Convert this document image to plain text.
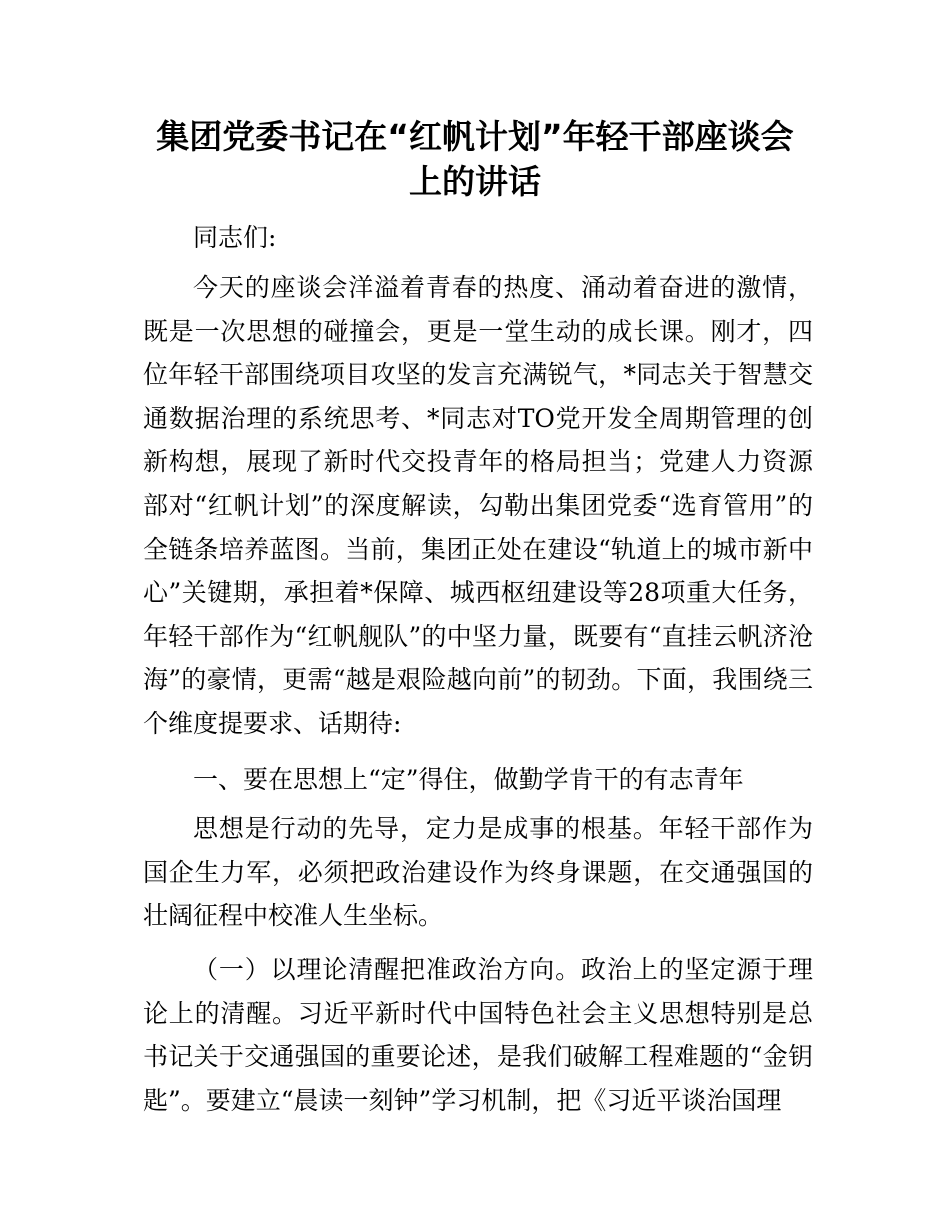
集团党委书记在“红帆计划”年轻干部座谈会
上的讲话

同志们:

今天的座谈会洋溢着青春的热度、涌动着奋进的激情，既是一次思想的碰撞会，更是一堂生动的成长课。刚才，四位年轻干部围绕项目攻坚的发言充满锐气，*同志关于智慧交通数据治理的系统思考、*同志对TO党开发全周期管理的创新构想，展现了新时代交投青年的格局担当；党建人力资源部对“红帆计划”的深度解读，勾勒出集团党委“选育管用”的全链条培养蓝图。当前，集团正处在建设“轨道上的城市新中心”关键期，承担着*保障、城西枢纽建设等28项重大任务，年轻干部作为“红帆舰队”的中坚力量，既要有“直挂云帆济沧海”的豪情，更需“越是艰险越向前”的韧劲。下面，我围绕三个维度提要求、话期待:

一、要在思想上“定”得住，做勤学肯干的有志青年

思想是行动的先导，定力是成事的根基。年轻干部作为国企生力军，必须把政治建设作为终身课题，在交通强国的壮阔征程中校准人生坐标。

（一）以理论清醒把准政治方向。政治上的坚定源于理论上的清醒。习近平新时代中国特色社会主义思想特别是总书记关于交通强国的重要论述，是我们破解工程难题的“金钥匙”。要建立“晨读一刻钟”学习机制，把《习近平谈治国理
